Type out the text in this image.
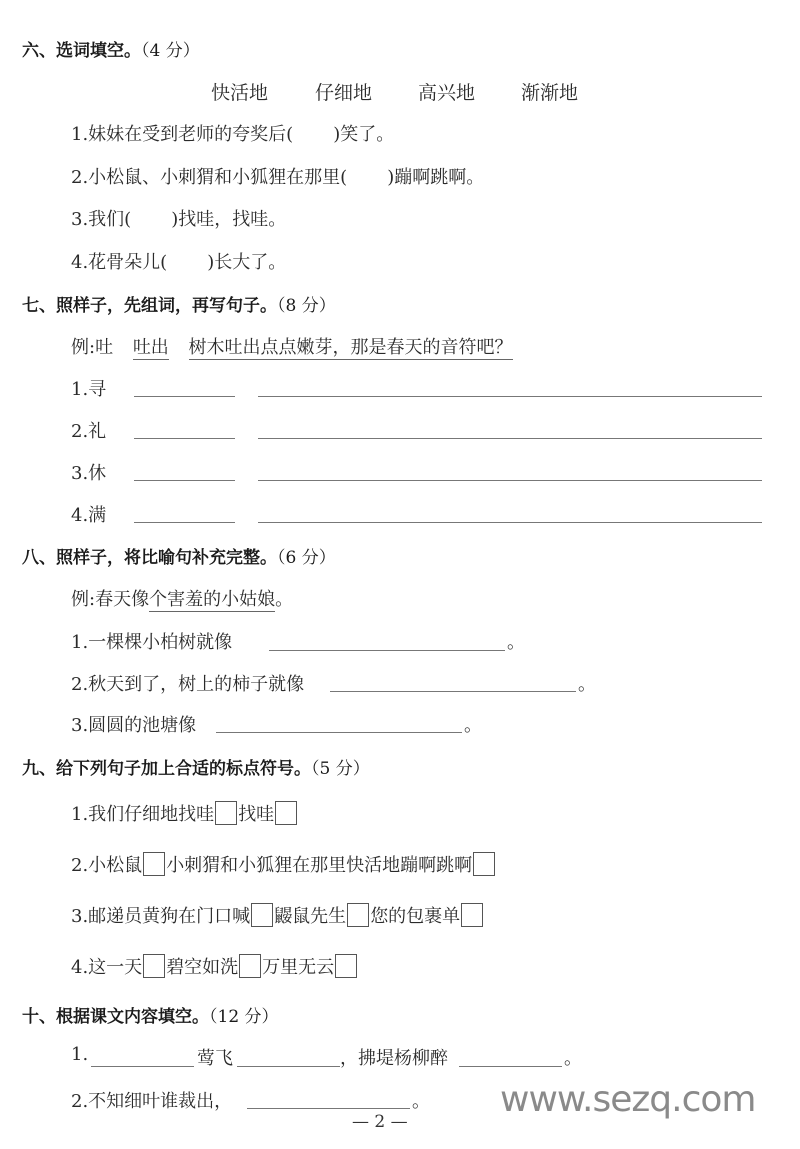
六、选词填空。（4 分）
快活地 仔细地 高兴地 渐渐地
1.妹妹在受到老师的夸奖后( )笑了。
2.小松鼠、小刺猬和小狐狸在那里( )蹦啊跳啊。
3.我们( )找哇，找哇。
4.花骨朵儿( )长大了。
七、照样子，先组词，再写句子。（8 分）
例:吐 吐出 树木吐出点点嫩芽，那是春天的音符吧？
1.寻
2.礼
3.休
4.满
八、照样子，将比喻句补充完整。（6 分）
例:春天像个害羞的小姑娘。
1.一棵棵小柏树就像	。
2.秋天到了，树上的柿子就像	。
3.圆圆的池塘像	。
九、给下列句子加上合适的标点符号。（5 分）
1.我们仔细地找哇 找哇
2.小松鼠 小刺猬和小狐狸在那里快活地蹦啊跳啊
3.邮递员黄狗在门口喊 鼹鼠先生 您的包裹单
4.这一天 碧空如洗 万里无云
十、根据课文内容填空。（12 分）
1.	莺飞	，拂堤杨柳醉	。
2.不知细叶谁裁出，	。 www.sezq.com
— 2 —
